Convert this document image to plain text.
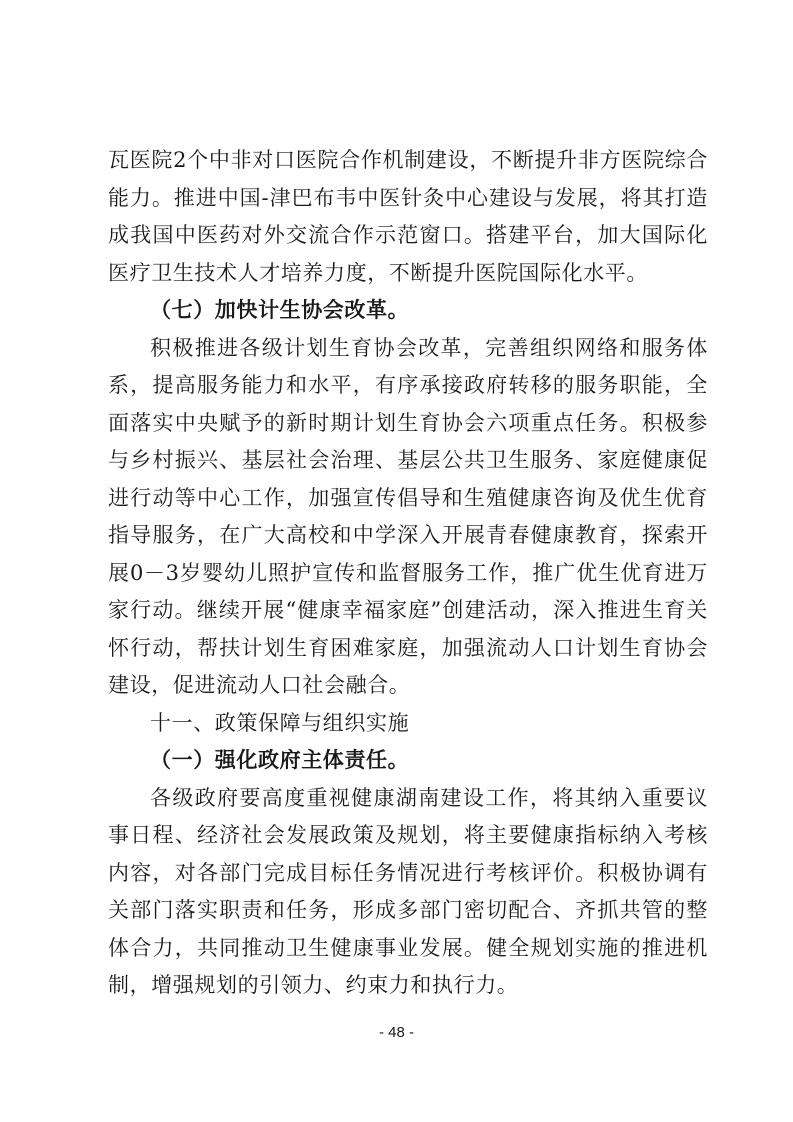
瓦医院2个中非对口医院合作机制建设，不断提升非方医院综合能力。推进中国-津巴布韦中医针灸中心建设与发展，将其打造成我国中医药对外交流合作示范窗口。搭建平台，加大国际化医疗卫生技术人才培养力度，不断提升医院国际化水平。

（七）加快计生协会改革。

积极推进各级计划生育协会改革，完善组织网络和服务体系，提高服务能力和水平，有序承接政府转移的服务职能，全面落实中央赋予的新时期计划生育协会六项重点任务。积极参与乡村振兴、基层社会治理、基层公共卫生服务、家庭健康促进行动等中心工作，加强宣传倡导和生殖健康咨询及优生优育指导服务，在广大高校和中学深入开展青春健康教育，探索开展0－3岁婴幼儿照护宣传和监督服务工作，推广优生优育进万家行动。继续开展“健康幸福家庭”创建活动，深入推进生育关怀行动，帮扶计划生育困难家庭，加强流动人口计划生育协会建设，促进流动人口社会融合。

十一、政策保障与组织实施

（一）强化政府主体责任。

各级政府要高度重视健康湖南建设工作，将其纳入重要议事日程、经济社会发展政策及规划，将主要健康指标纳入考核内容，对各部门完成目标任务情况进行考核评价。积极协调有关部门落实职责和任务，形成多部门密切配合、齐抓共管的整体合力，共同推动卫生健康事业发展。健全规划实施的推进机制，增强规划的引领力、约束力和执行力。

- 48 -
